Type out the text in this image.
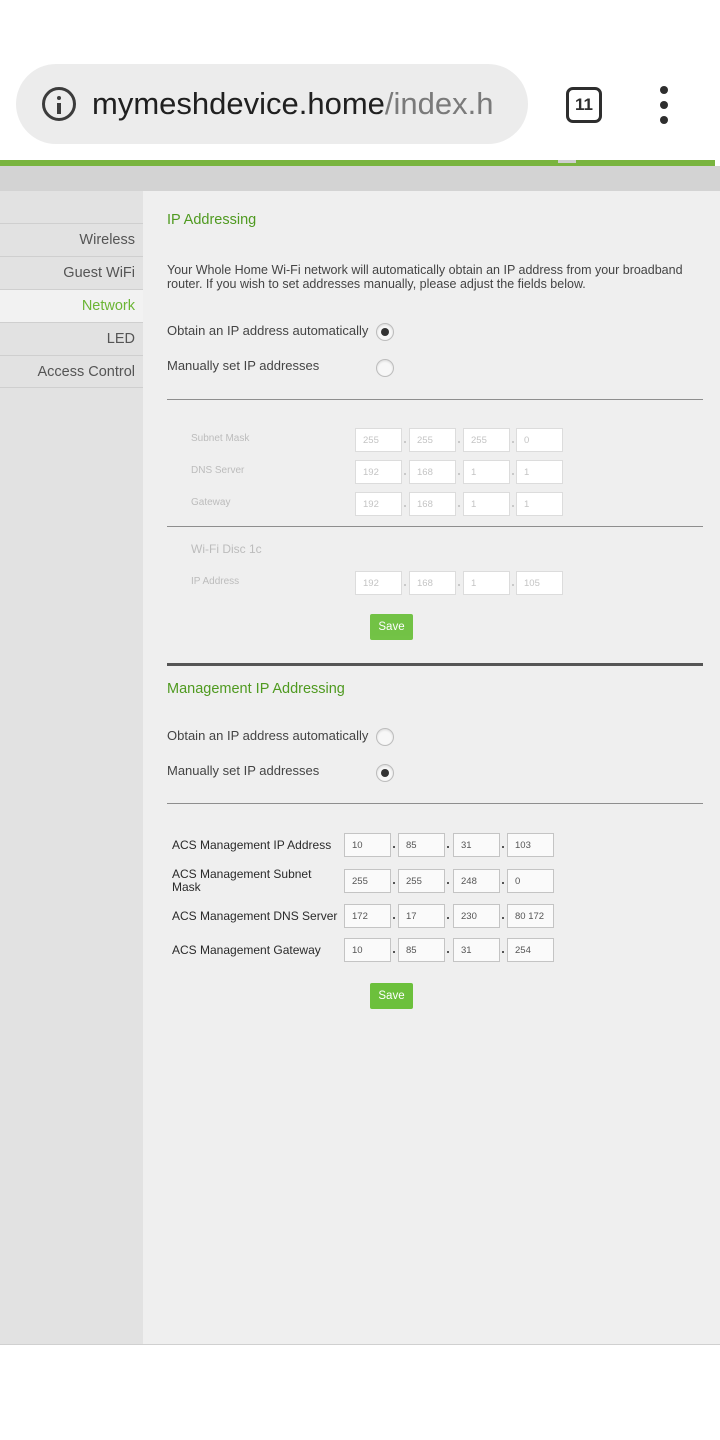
mymeshdevice.home/index.h	11
Wireless
Guest WiFi
Network
LED
Access Control
IP Addressing
Your Whole Home Wi-Fi network will automatically obtain an IP address from your broadband router. If you wish to set addresses manually, please adjust the fields below.
Obtain an IP address automatically
Manually set IP addresses
Subnet Mask	255	255	255	0
DNS Server	192	168	1	1
Gateway	192	168	1	1
Wi-Fi Disc 1c
IP Address	192	168	1	105
Save
Management IP Addressing
Obtain an IP address automatically
Manually set IP addresses
ACS Management IP Address	10	85	31	103
ACS Management Subnet Mask	255	255	248	0
ACS Management DNS Server	172	17	230	80 172
ACS Management Gateway	10	85	31	254
Save
